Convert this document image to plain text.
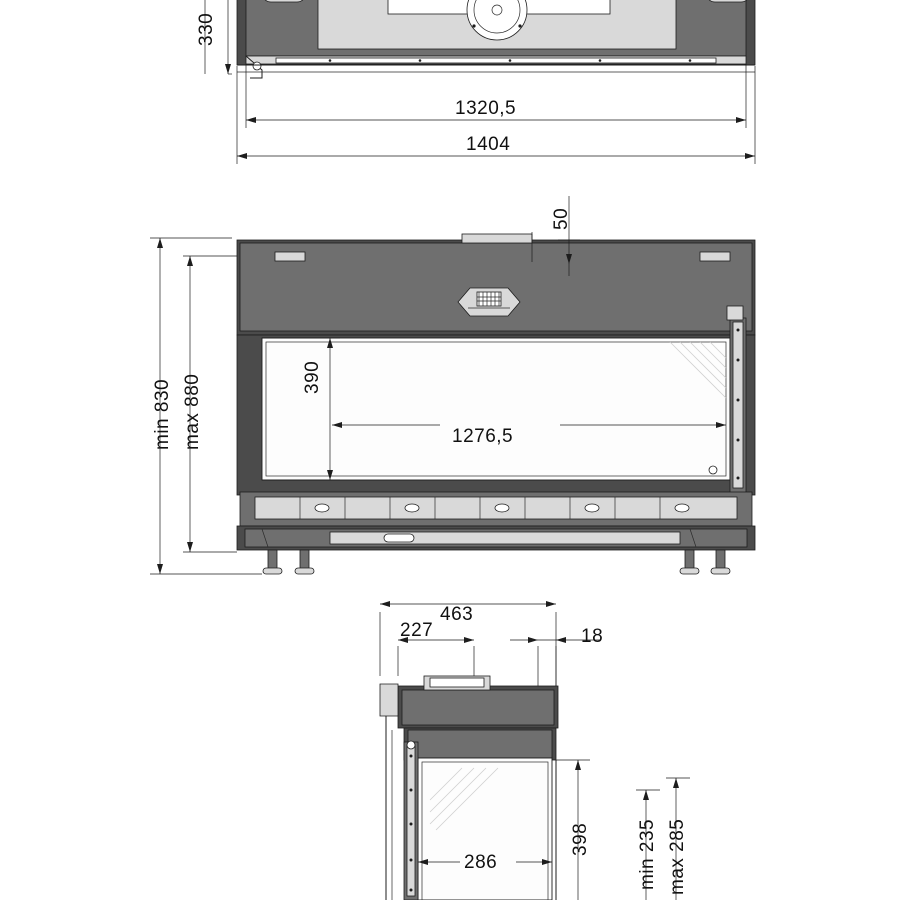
330
1320,5
1404
50
min 830 max 880	390
1276,5
463
227	18
398
286	min 235 max 285
